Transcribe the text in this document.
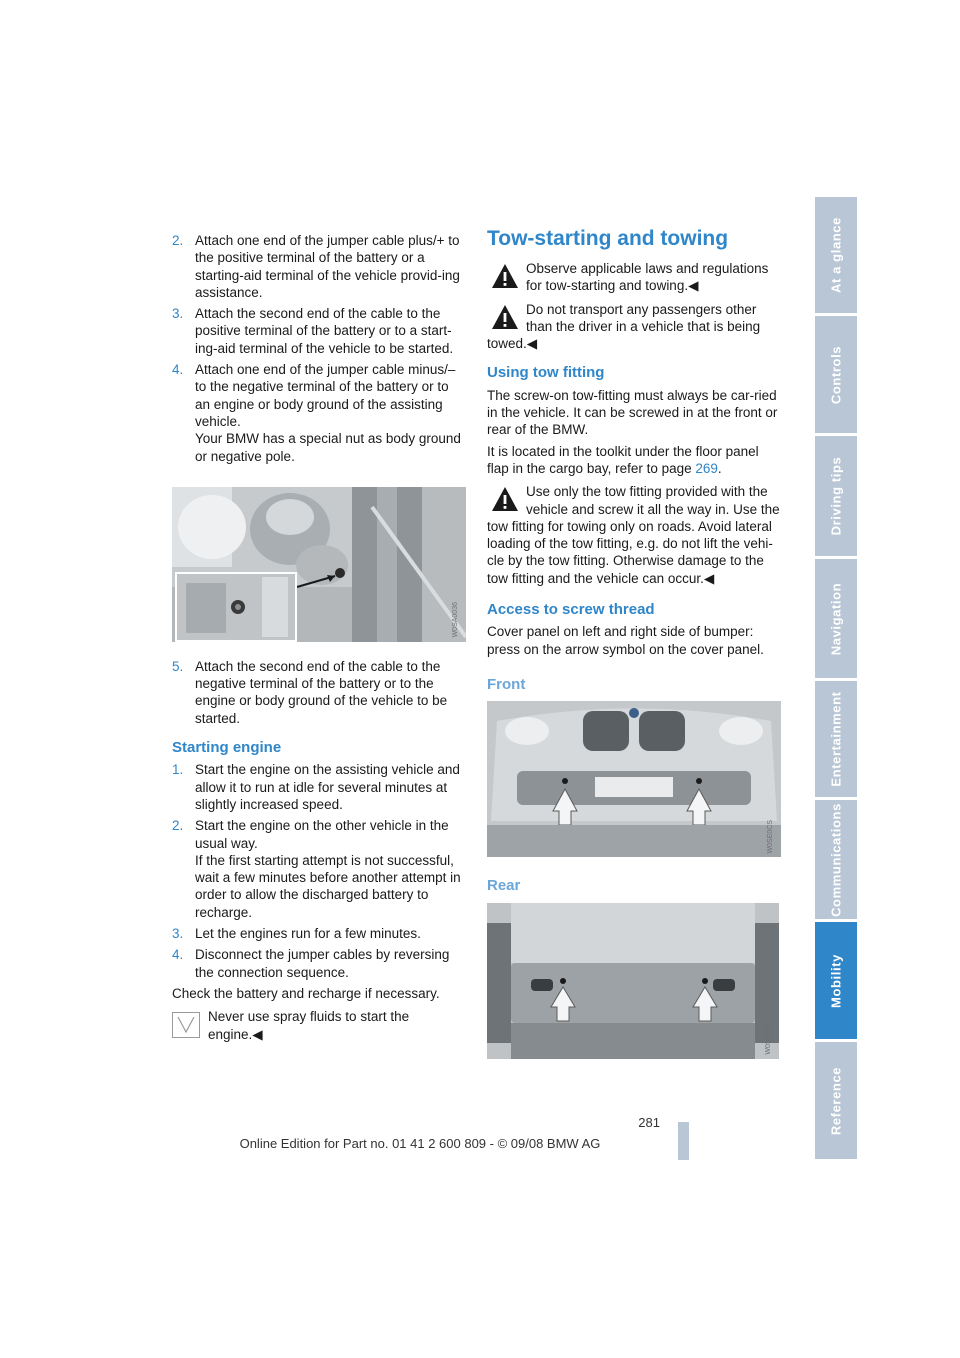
At a glance
Controls
Driving tips
Navigation
Entertainment
Communications
Mobility
Reference
2. Attach one end of the jumper cable plus/+ to the positive terminal of the battery or a starting-aid terminal of the vehicle provid-ing assistance.
3. Attach the second end of the cable to the positive terminal of the battery or to a start-ing-aid terminal of the vehicle to be started.
4. Attach one end of the jumper cable minus/– to the negative terminal of the battery or to an engine or body ground of the assisting vehicle.
Your BMW has a special nut as body ground or negative pole.
W0SA0036
5. Attach the second end of the cable to the negative terminal of the battery or to the engine or body ground of the vehicle to be started.
Starting engine
1. Start the engine on the assisting vehicle and allow it to run at idle for several minutes at slightly increased speed.
2. Start the engine on the other vehicle in the usual way.
If the first starting attempt is not successful, wait a few minutes before another attempt in order to allow the discharged battery to recharge.
3. Let the engines run for a few minutes.
4. Disconnect the jumper cables by reversing the connection sequence.
Check the battery and recharge if necessary.
Never use spray fluids to start the engine.◀
Tow-starting and towing
Observe applicable laws and regulations for tow-starting and towing.◀
Do not transport any passengers other than the driver in a vehicle that is being towed.◀
Using tow fitting
The screw-on tow-fitting must always be car-ried in the vehicle. It can be screwed in at the front or rear of the BMW.
It is located in the toolkit under the floor panel flap in the cargo bay, refer to page 269.
Use only the tow fitting provided with the vehicle and screw it all the way in. Use the tow fitting for towing only on roads. Avoid lateral loading of the tow fitting, e.g. do not lift the vehi-cle by the tow fitting. Otherwise damage to the tow fitting and the vehicle can occur.◀
Access to screw thread
Cover panel on left and right side of bumper: press on the arrow symbol on the cover panel.
Front
W0SE0CS
Rear
W0SE0CM
281
Online Edition for Part no. 01 41 2 600 809 - © 09/08 BMW AG
